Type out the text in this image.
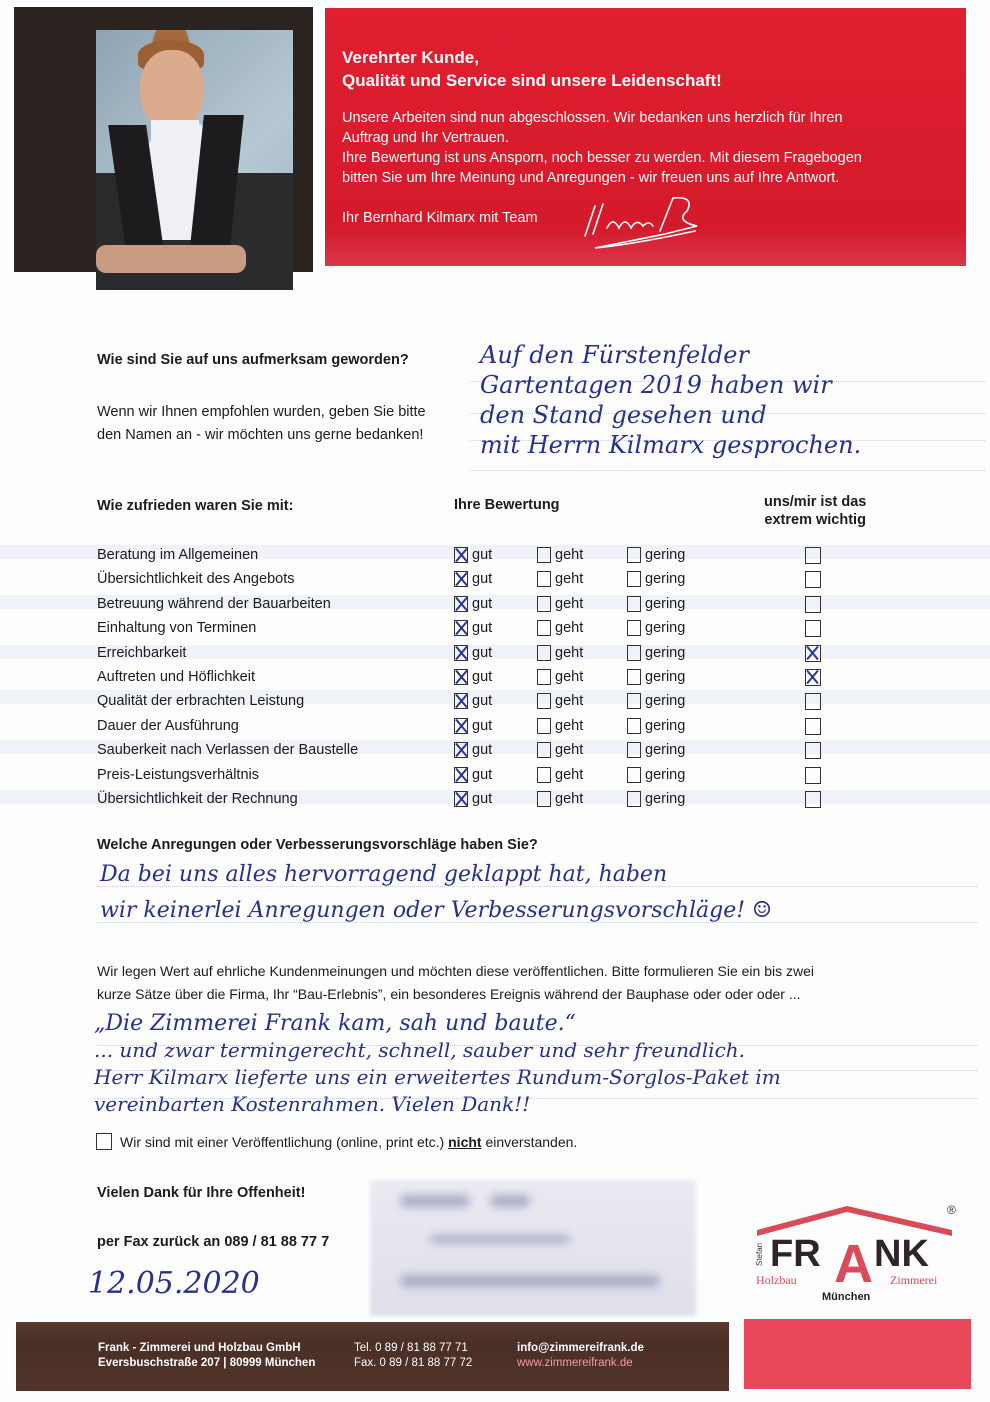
Verehrter Kunde,
Qualität und Service sind unsere Leidenschaft!
Unsere Arbeiten sind nun abgeschlossen. Wir bedanken uns herzlich für Ihren
Auftrag und Ihr Vertrauen.
Ihre Bewertung ist uns Ansporn, noch besser zu werden. Mit diesem Fragebogen
bitten Sie um Ihre Meinung und Anregungen - wir freuen uns auf Ihre Antwort.
Ihr Bernhard Kilmarx mit Team
Wie sind Sie auf uns aufmerksam geworden?
Wenn wir Ihnen empfohlen wurden, geben Sie bitte
den Namen an - wir möchten uns gerne bedanken!
Auf den Fürstenfelder
Gartentagen 2019 haben wir
den Stand gesehen und
mit Herrn Kilmarx gesprochen.
Wie zufrieden waren Sie mit:	Ihre Bewertung	uns/mir ist das
extrem wichtig
Beratung im Allgemeinen	gut	geht	gering
Übersichtlichkeit des Angebots	gut	geht	gering
Betreuung während der Bauarbeiten	gut	geht	gering
Einhaltung von Terminen	gut	geht	gering
Erreichbarkeit	gut	geht	gering
Auftreten und Höflichkeit	gut	geht	gering
Qualität der erbrachten Leistung	gut	geht	gering
Dauer der Ausführung	gut	geht	gering
Sauberkeit nach Verlassen der Baustelle	gut	geht	gering
Preis-Leistungsverhältnis	gut	geht	gering
Übersichtlichkeit der Rechnung	gut	geht	gering
Welche Anregungen oder Verbesserungsvorschläge haben Sie?
Da bei uns alles hervorragend geklappt hat, haben
wir keinerlei Anregungen oder Verbesserungsvorschläge! ☺
Wir legen Wert auf ehrliche Kundenmeinungen und möchten diese veröffentlichen. Bitte formulieren Sie ein bis zwei
kurze Sätze über die Firma, Ihr “Bau-Erlebnis”, ein besonderes Ereignis während der Bauphase oder oder oder ...
„Die Zimmerei Frank kam, sah und baute.“
... und zwar termingerecht, schnell, sauber und sehr freundlich.
Herr Kilmarx lieferte uns ein erweitertes Rundum-Sorglos-Paket im
vereinbarten Kostenrahmen. Vielen Dank!!
Wir sind mit einer Veröffentlichung (online, print etc.) nicht einverstanden.
Vielen Dank für Ihre Offenheit!
per Fax zurück an 089 / 81 88 77 7
12.05.2020
Stefan FR A NK
®
Holzbau	Zimmerei
München
Frank - Zimmerei und Holzbau GmbH
Eversbuschstraße 207 | 80999 München
Tel. 0 89 / 81 88 77 71
Fax. 0 89 / 81 88 77 72
info@zimmereifrank.de
www.zimmereifrank.de
